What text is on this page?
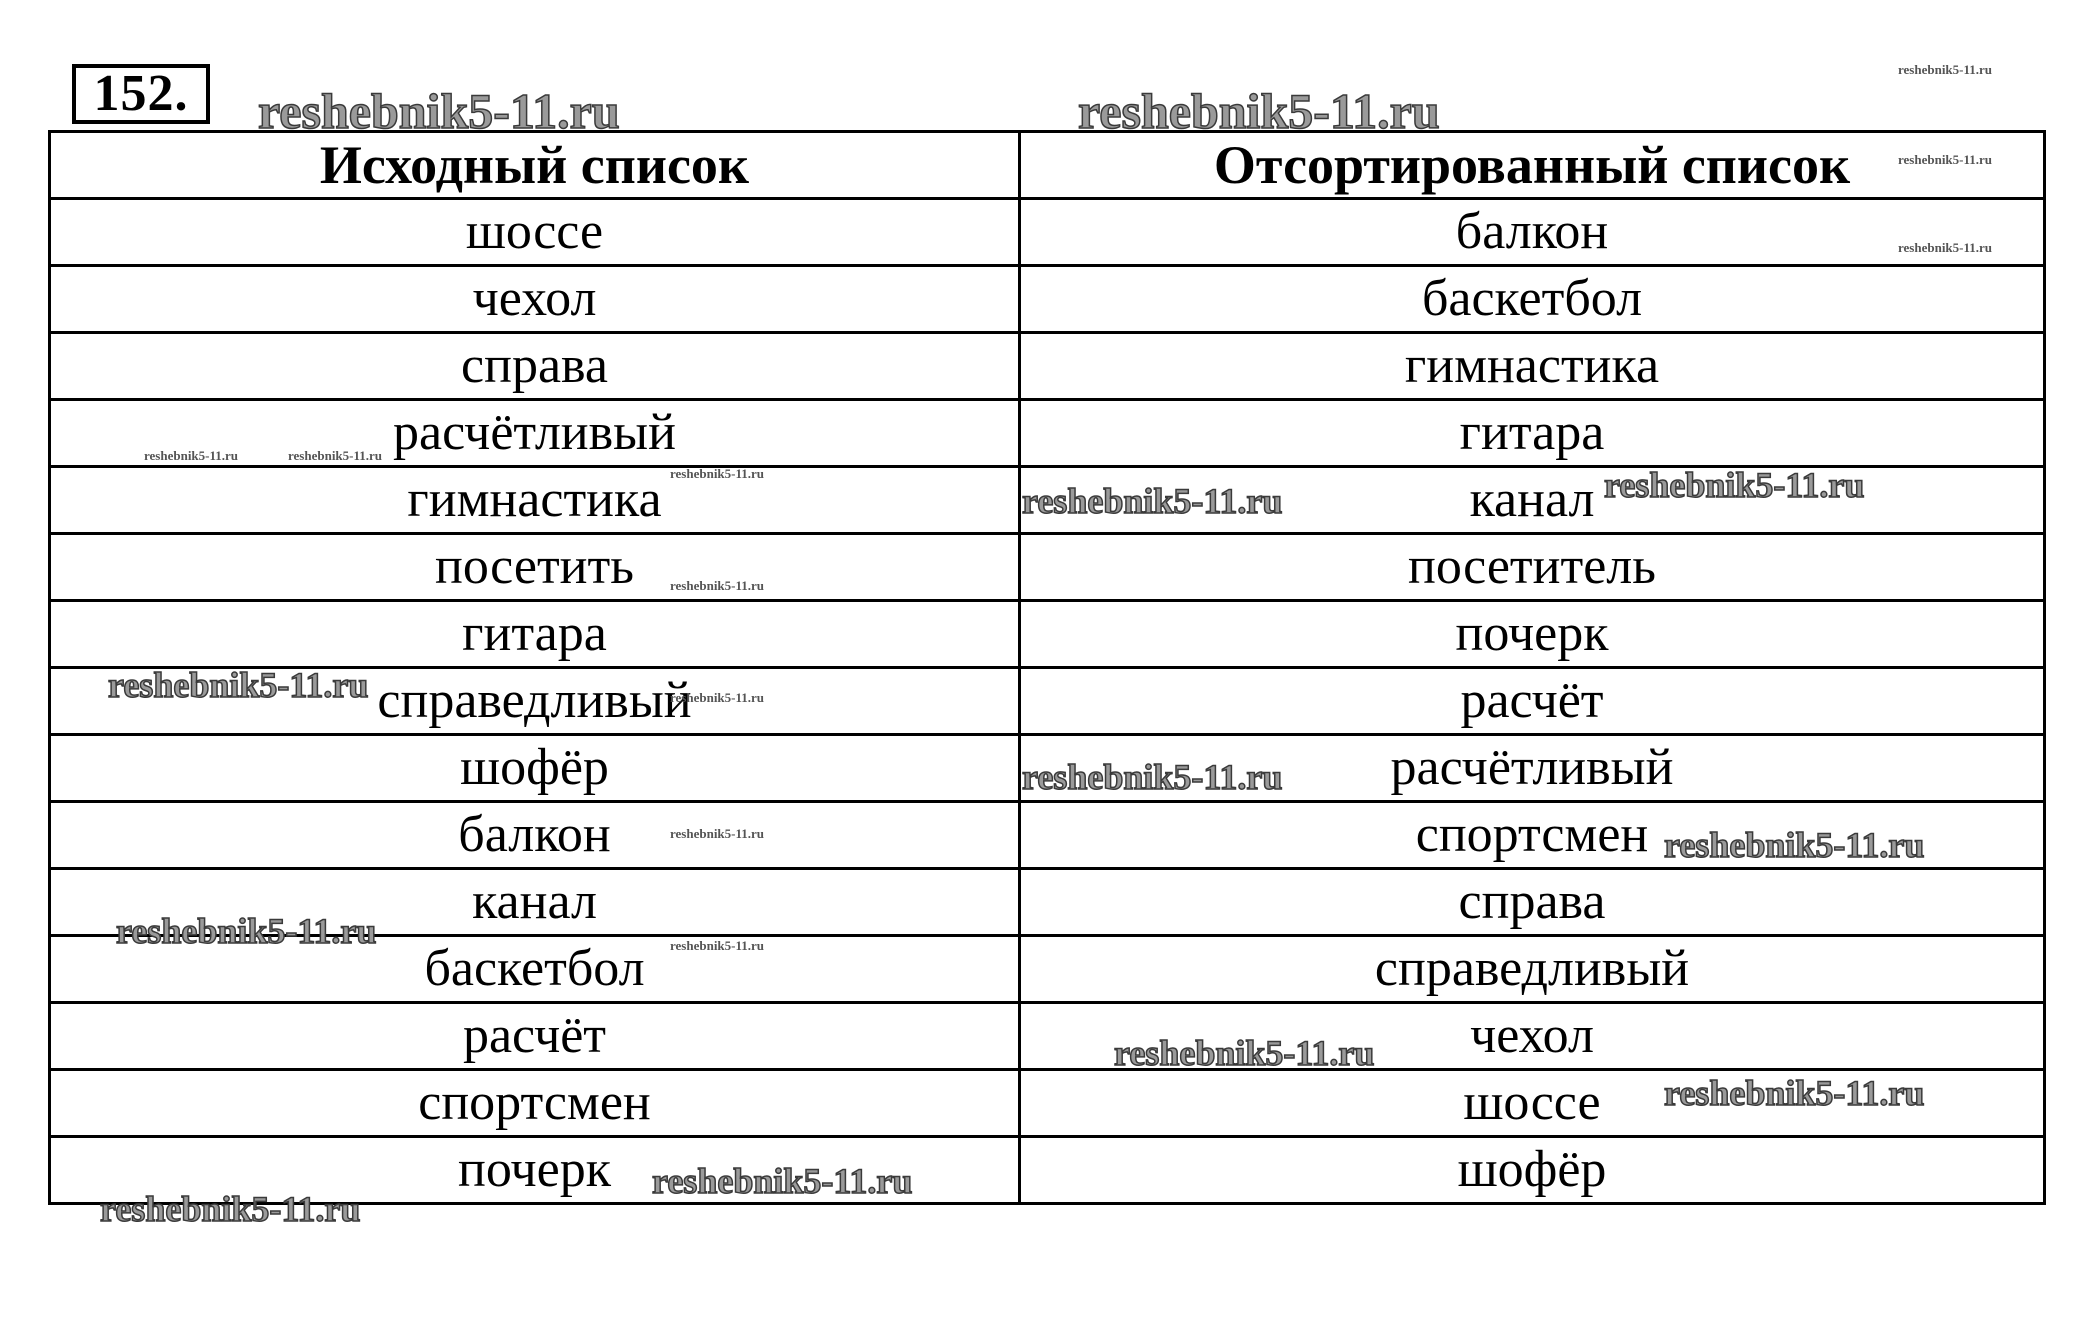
152.
Исходный список	Отсортированный список
шоссе	балкон
чехол	баскетбол
справа	гимнастика
расчётливый	гитара
гимнастика	канал
посетить	посетитель
гитара	почерк
справедливый	расчёт
шофёр	расчётливый
балкон	спортсмен
канал	справа
баскетбол	справедливый
расчёт	чехол
спортсмен	шоссе
почерк	шофёр
reshebnik5-11.ru	reshebnik5-11.ru
reshebnik5-11.ru
reshebnik5-11.ru
reshebnik5-11.ru
reshebnik5-11.ru	reshebnik5-11.ru
reshebnik5-11.ru
reshebnik5-11.ru	reshebnik5-11.ru
reshebnik5-11.ru
reshebnik5-11.ru	reshebnik5-11.ru
reshebnik5-11.ru
reshebnik5-11.ru	reshebnik5-11.ru
reshebnik5-11.ru	reshebnik5-11.ru
reshebnik5-11.ru
reshebnik5-11.ru
reshebnik5-11.ru
reshebnik5-11.ru
